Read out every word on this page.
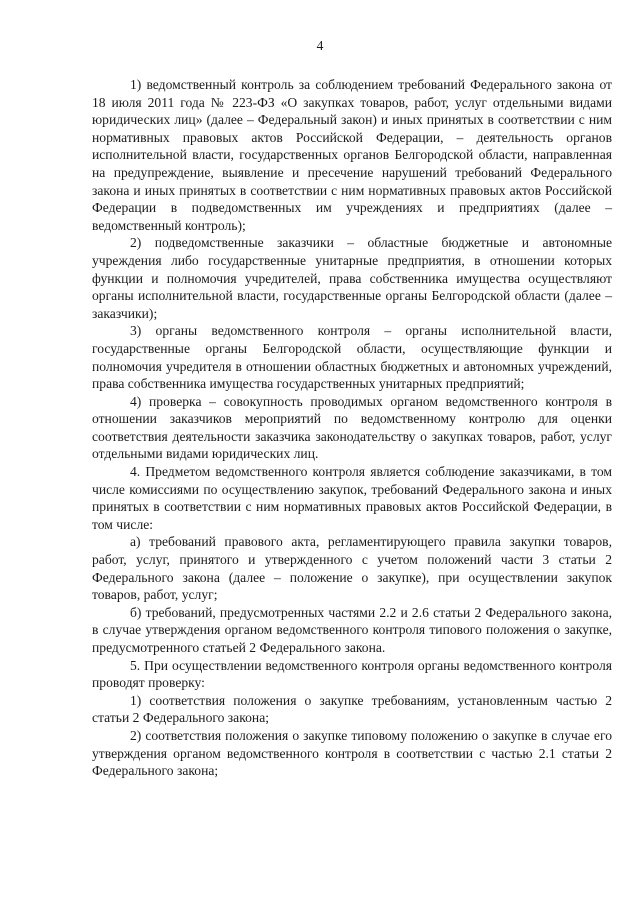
4

1) ведомственный контроль за соблюдением требований Федерального закона от 18 июля 2011 года № 223-ФЗ «О закупках товаров, работ, услуг отдельными видами юридических лиц» (далее – Федеральный закон) и иных принятых в соответствии с ним нормативных правовых актов Российской Федерации, – деятельность органов исполнительной власти, государственных органов Белгородской области, направленная на предупреждение, выявление и пресечение нарушений требований Федерального закона и иных принятых в соответствии с ним нормативных правовых актов Российской Федерации в подведомственных им учреждениях и предприятиях (далее – ведомственный контроль);

2) подведомственные заказчики – областные бюджетные и автономные учреждения либо государственные унитарные предприятия, в отношении которых функции и полномочия учредителей, права собственника имущества осуществляют органы исполнительной власти, государственные органы Белгородской области (далее – заказчики);

3) органы ведомственного контроля – органы исполнительной власти, государственные органы Белгородской области, осуществляющие функции и полномочия учредителя в отношении областных бюджетных и автономных учреждений, права собственника имущества государственных унитарных предприятий;

4) проверка – совокупность проводимых органом ведомственного контроля в отношении заказчиков мероприятий по ведомственному контролю для оценки соответствия деятельности заказчика законодательству о закупках товаров, работ, услуг отдельными видами юридических лиц.

4. Предметом ведомственного контроля является соблюдение заказчиками, в том числе комиссиями по осуществлению закупок, требований Федерального закона и иных принятых в соответствии с ним нормативных правовых актов Российской Федерации, в том числе:

а) требований правового акта, регламентирующего правила закупки товаров, работ, услуг, принятого и утвержденного с учетом положений части 3 статьи 2 Федерального закона (далее – положение о закупке), при осуществлении закупок товаров, работ, услуг;

б) требований, предусмотренных частями 2.2 и 2.6 статьи 2 Федерального закона, в случае утверждения органом ведомственного контроля типового положения о закупке, предусмотренного статьей 2 Федерального закона.

5. При осуществлении ведомственного контроля органы ведомственного контроля проводят проверку:

1) соответствия положения о закупке требованиям, установленным частью 2 статьи 2 Федерального закона;

2) соответствия положения о закупке типовому положению о закупке в случае его утверждения органом ведомственного контроля в соответствии с частью 2.1 статьи 2 Федерального закона;
